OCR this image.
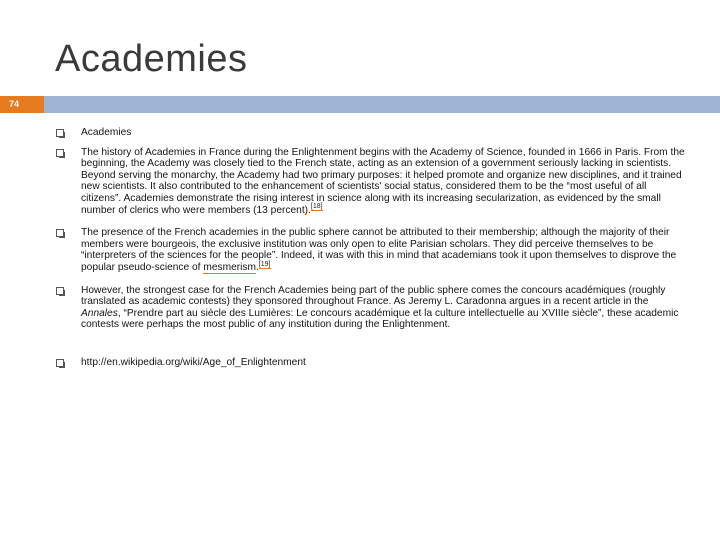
Academies
74
Academies
The history of Academies in France during the Enlightenment begins with the Academy of Science, founded in 1666 in Paris. From the beginning, the Academy was closely tied to the French state, acting as an extension of a government seriously lacking in scientists. Beyond serving the monarchy, the Academy had two primary purposes: it helped promote and organize new disciplines, and it trained new scientists. It also contributed to the enhancement of scientists' social status, considered them to be the “most useful of all citizens”. Academies demonstrate the rising interest in science along with its increasing secularization, as evidenced by the small number of clerics who were members (13 percent).[18]
The presence of the French academies in the public sphere cannot be attributed to their membership; although the majority of their members were bourgeois, the exclusive institution was only open to elite Parisian scholars. They did perceive themselves to be “interpreters of the sciences for the people”. Indeed, it was with this in mind that academians took it upon themselves to disprove the popular pseudo-science of mesmerism.[19]
However, the strongest case for the French Academies being part of the public sphere comes the concours académiques (roughly translated as academic contests) they sponsored throughout France. As Jeremy L. Caradonna argues in a recent article in the Annales, “Prendre part au siècle des Lumières: Le concours académique et la culture intellectuelle au XVIIIe siècle”, these academic contests were perhaps the most public of any institution during the Enlightenment.
http://en.wikipedia.org/wiki/Age_of_Enlightenment
